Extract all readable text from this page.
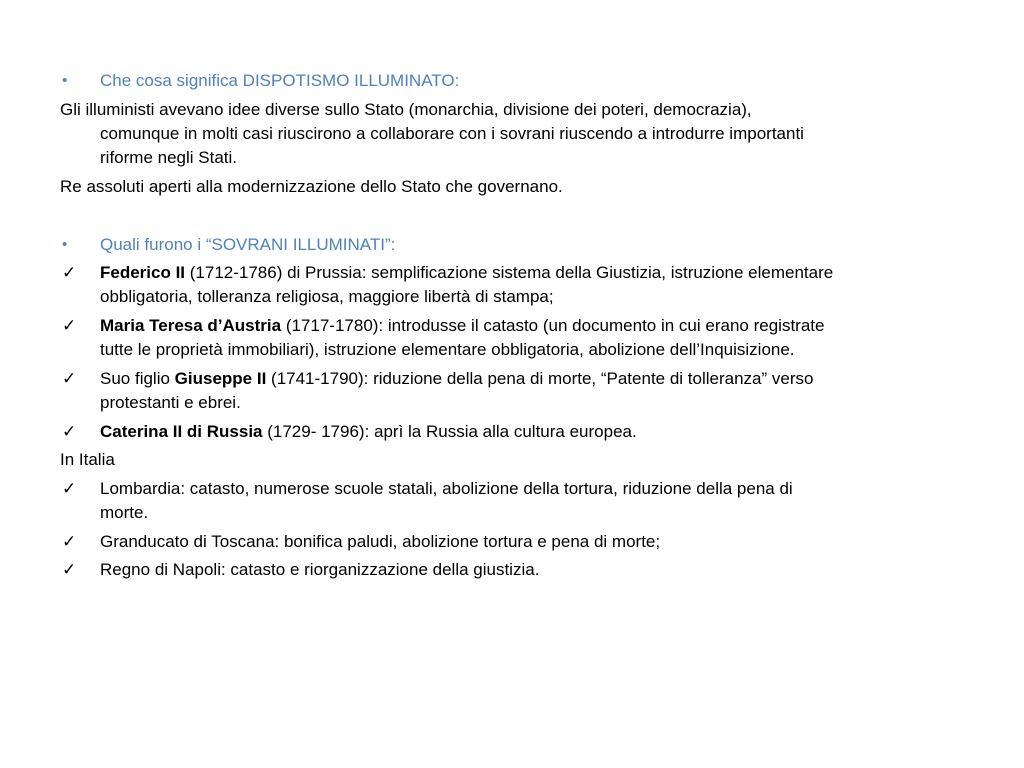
•	Che cosa significa DISPOTISMO ILLUMINATO:
Gli illuministi avevano idee diverse sullo Stato (monarchia, divisione dei poteri, democrazia),
comunque in molti casi riuscirono a collaborare con i sovrani riuscendo a introdurre importanti
riforme negli Stati.
Re assoluti aperti alla modernizzazione dello Stato che governano.
•	Quali furono i “SOVRANI ILLUMINATI”:
✓	Federico II (1712-1786) di Prussia: semplificazione sistema della Giustizia, istruzione elementare
obbligatoria, tolleranza religiosa, maggiore libertà di stampa;
✓	Maria Teresa d’Austria (1717-1780): introdusse il catasto (un documento in cui erano registrate
tutte le proprietà immobiliari), istruzione elementare obbligatoria, abolizione dell’Inquisizione.
✓	Suo figlio Giuseppe II (1741-1790): riduzione della pena di morte, “Patente di tolleranza” verso
protestanti e ebrei.
✓	Caterina II di Russia (1729- 1796): aprì la Russia alla cultura europea.
In Italia
✓	Lombardia: catasto, numerose scuole statali, abolizione della tortura, riduzione della pena di
morte.
✓	Granducato di Toscana: bonifica paludi, abolizione tortura e pena di morte;
✓	Regno di Napoli: catasto e riorganizzazione della giustizia.
